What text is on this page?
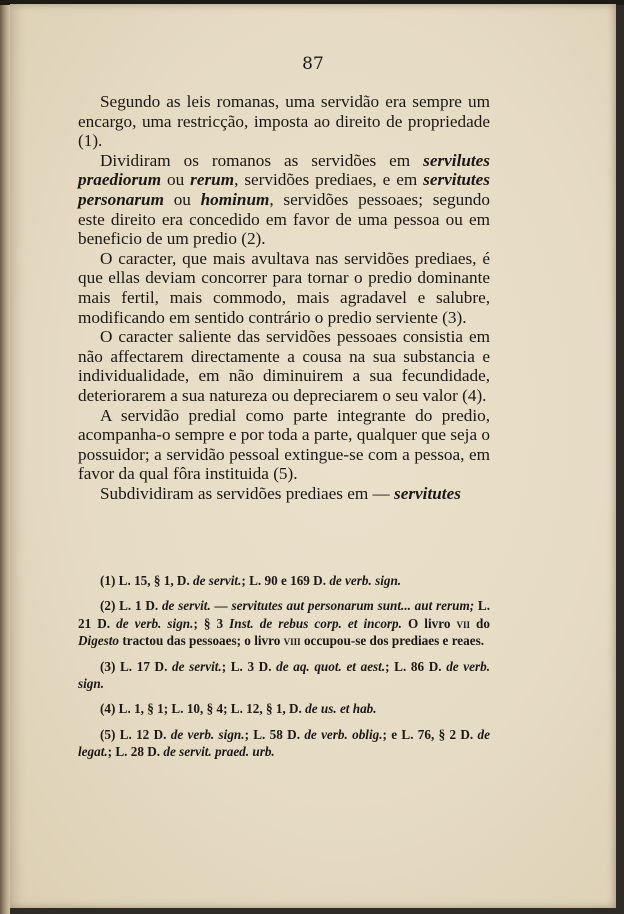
87

Segundo as leis romanas, uma servidão era sempre um encargo, uma restricção, imposta ao direito de propriedade (1).

Dividiram os romanos as servidões em servilutes praediorum ou rerum, servidões prediaes, e em servitutes personarum ou hominum, servidões pessoaes; segundo este direito era concedido em favor de uma pessoa ou em beneficio de um predio (2).

O caracter, que mais avultava nas servidões prediaes, é que ellas deviam concorrer para tornar o predio dominante mais fertil, mais commodo, mais agradavel e salubre, modificando em sentido contrário o predio serviente (3).

O caracter saliente das servidões pessoaes consistia em não affectarem directamente a cousa na sua substancia e individualidade, em não diminuirem a sua fecundidade, deteriorarem a sua natureza ou depreciarem o seu valor (4).

A servidão predial como parte integrante do predio, acompanha-o sempre e por toda a parte, qualquer que seja o possuidor; a servidão pessoal extingue-se com a pessoa, em favor da qual fôra instituida (5).

Subdividiram as servidões prediaes em — servitutes

(1) L. 15, § 1, D. de servit.; L. 90 e 169 D. de verb. sign.

(2) L. 1 D. de servit. — servitutes aut personarum sunt... aut rerum; L. 21 D. de verb. sign.; § 3 Inst. de rebus corp. et incorp. O livro vii do Digesto tractou das pessoaes; o livro viii occupou-se dos prediaes e reaes.

(3) L. 17 D. de servit.; L. 3 D. de aq. quot. et aest.; L. 86 D. de verb. sign.

(4) L. 1, § 1; L. 10, § 4; L. 12, § 1, D. de us. et hab.

(5) L. 12 D. de verb. sign.; L. 58 D. de verb. oblig.; e L. 76, § 2 D. de legat.; L. 28 D. de servit. praed. urb.
